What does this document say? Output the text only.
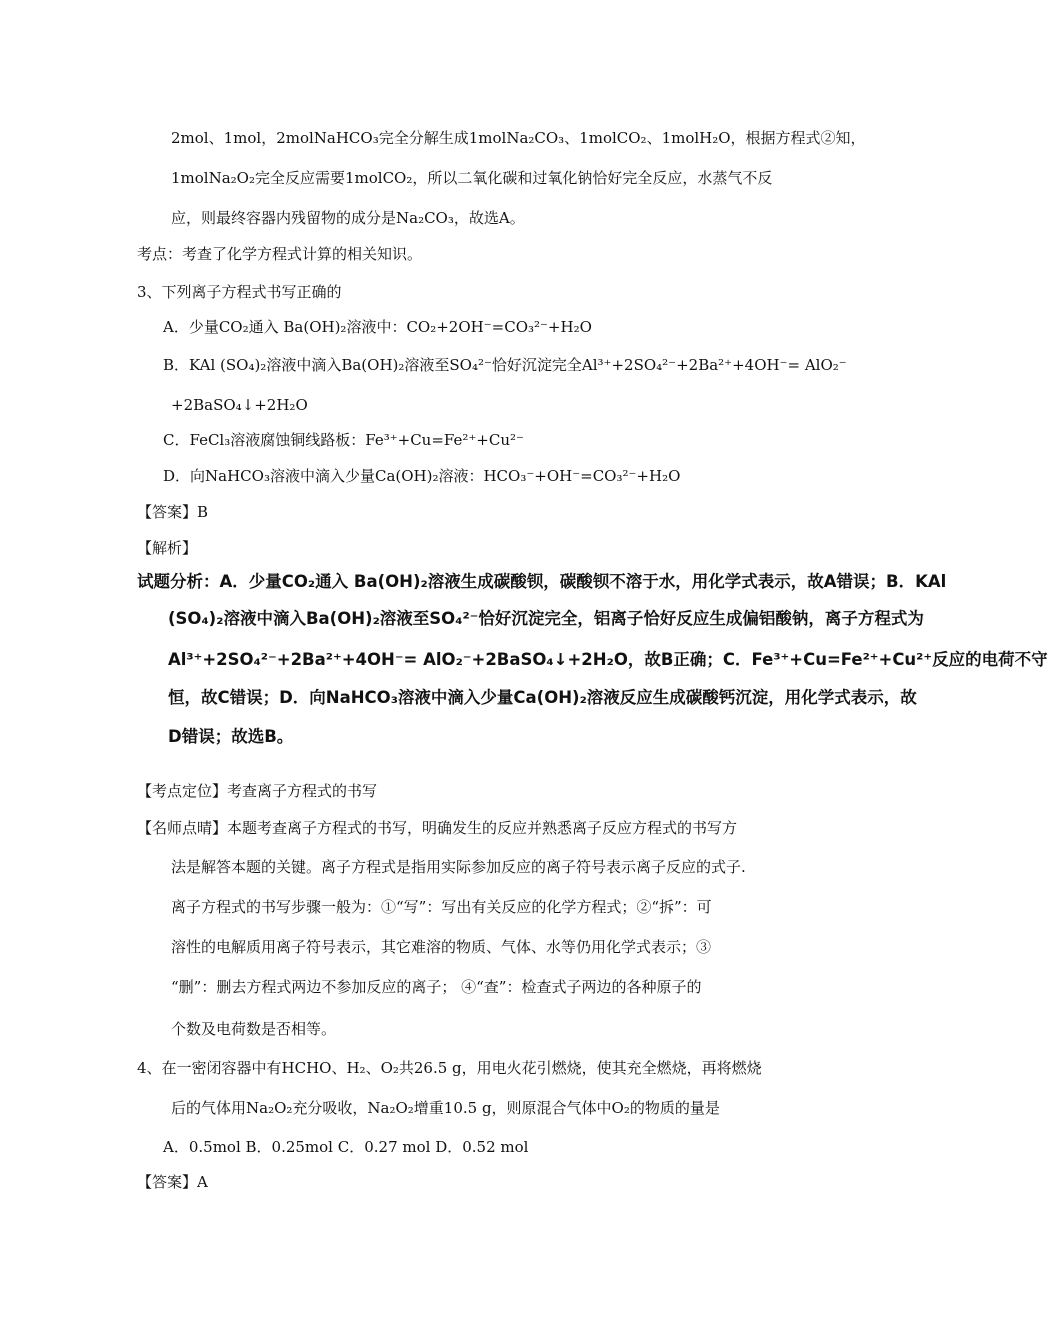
2mol、1mol，2molNaHCO₃完全分解生成1molNa₂CO₃、1molCO₂、1molH₂O，根据方程式②知，
1molNa₂O₂完全反应需要1molCO₂，所以二氧化碳和过氧化钠恰好完全反应，水蒸气不反
应，则最终容器内残留物的成分是Na₂CO₃，故选A。
考点：考查了化学方程式计算的相关知识。
3、下列离子方程式书写正确的
A．少量CO₂通入 Ba(OH)₂溶液中：CO₂+2OH⁻=CO₃²⁻+H₂O
B．KAl (SO₄)₂溶液中滴入Ba(OH)₂溶液至SO₄²⁻恰好沉淀完全Al³⁺+2SO₄²⁻+2Ba²⁺+4OH⁻= AlO₂⁻
+2BaSO₄↓+2H₂O
C．FeCl₃溶液腐蚀铜线路板：Fe³⁺+Cu=Fe²⁺+Cu²⁻
D．向NaHCO₃溶液中滴入少量Ca(OH)₂溶液：HCO₃⁻+OH⁻=CO₃²⁻+H₂O
【答案】B
【解析】
试题分析：A．少量CO₂通入 Ba(OH)₂溶液生成碳酸钡，碳酸钡不溶于水，用化学式表示，故A错误；B．KAl
(SO₄)₂溶液中滴入Ba(OH)₂溶液至SO₄²⁻恰好沉淀完全，铝离子恰好反应生成偏铝酸钠，离子方程式为
Al³⁺+2SO₄²⁻+2Ba²⁺+4OH⁻= AlO₂⁻+2BaSO₄↓+2H₂O，故B正确；C．Fe³⁺+Cu=Fe²⁺+Cu²⁺反应的电荷不守
恒，故C错误；D．向NaHCO₃溶液中滴入少量Ca(OH)₂溶液反应生成碳酸钙沉淀，用化学式表示，故
D错误；故选B。
【考点定位】考查离子方程式的书写
【名师点晴】本题考查离子方程式的书写，明确发生的反应并熟悉离子反应方程式的书写方
法是解答本题的关键。离子方程式是指用实际参加反应的离子符号表示离子反应的式子.
离子方程式的书写步骤一般为：①“写”：写出有关反应的化学方程式；②“拆”：可
溶性的电解质用离子符号表示，其它难溶的物质、气体、水等仍用化学式表示；③
“删”：删去方程式两边不参加反应的离子； ④“查”：检查式子两边的各种原子的
个数及电荷数是否相等。
4、在一密闭容器中有HCHO、H₂、O₂共26.5 g，用电火花引燃烧，使其充全燃烧，再将燃烧
后的气体用Na₂O₂充分吸收，Na₂O₂增重10.5 g，则原混合气体中O₂的物质的量是
A．0.5mol B．0.25mol C．0.27 mol D．0.52 mol
【答案】A
